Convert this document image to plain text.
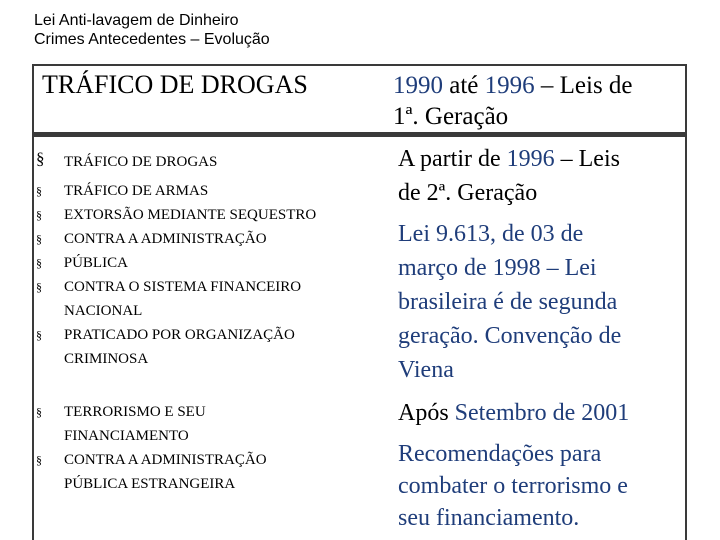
Lei Anti-lavagem de Dinheiro
Crimes Antecedentes – Evolução
TRÁFICO DE DROGAS	1990 até 1996 – Leis de
1ª. Geração
§ TRÁFICO DE DROGAS
§ TRÁFICO DE ARMAS
§ EXTORSÃO MEDIANTE SEQUESTRO
§ CONTRA A ADMINISTRAÇÃO
§ PÚBLICA
§ CONTRA O SISTEMA FINANCEIRO
NACIONAL
§ PRATICADO POR ORGANIZAÇÃO
CRIMINOSA
§ TERRORISMO E SEU
FINANCIAMENTO
§ CONTRA A ADMINISTRAÇÃO
PÚBLICA ESTRANGEIRA
A partir de 1996 – Leis
de 2ª. Geração
Lei 9.613, de 03 de
março de 1998 – Lei
brasileira é de segunda
geração. Convenção de
Viena
Após Setembro de 2001
Recomendações para
combater o terrorismo e
seu financiamento.
